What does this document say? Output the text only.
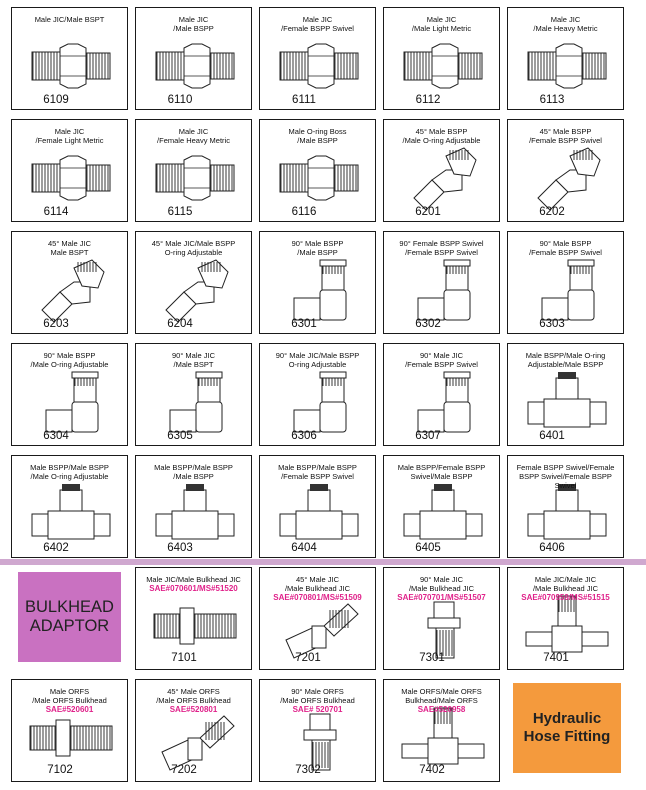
BULKHEAD
ADAPTOR
Hydraulic
Hose Fitting
Male JIC/Male BSPT
6109
Male JIC
/Male BSPP
6110
Male JIC
/Female BSPP Swivel
6111
Male JIC
/Male Light Metric
6112
Male JIC
/Male Heavy Metric
6113
Male JIC
/Female Light Metric
6114
Male JIC
/Female Heavy Metric
6115
Male O-ring Boss
/Male BSPP
6116
45° Male BSPP
/Male O-ring Adjustable
6201
45° Male BSPP
/Female BSPP Swivel
6202
45° Male JIC
Male BSPT
6203
45° Male JIC/Male BSPP
O-ring Adjustable
6204
90° Male BSPP
/Male BSPP
6301
90° Female BSPP Swivel
/Female BSPP Swivel
6302
90° Male BSPP
/Female BSPP Swivel
6303
90° Male BSPP
/Male O-ring Adjustable
6304
90° Male JIC
/Male BSPT
6305
90° Male JIC/Male BSPP
O-ring Adjustable
6306
90° Male JIC
/Female BSPP Swivel
6307
Male BSPP/Male O-ring
Adjustable/Male BSPP
6401
Male BSPP/Male BSPP
/Male O-ring Adjustable
6402
Male BSPP/Male BSPP
/Male BSPP
6403
Male BSPP/Male BSPP
/Female BSPP Swivel
6404
Male BSPP/Female BSPP
Swivel/Male BSPP
6405
Female BSPP Swivel/Female
BSPP Swivel/Female BSPP Swivel
6406
Male JIC/Male Bulkhead JIC
SAE#070601/MS#51520
7101
45° Male JIC
/Male Bulkhead JIC
SAE#070801/MS#51509
7201
90° Male JIC
/Male Bulkhead JIC
SAE#070701/MS#51507
7301
Male JIC/Male JIC
/Male Bulkhead JIC
SAE#070959/MS#51515
7401
Male ORFS
/Male ORFS Bulkhead
SAE#520601
7102
45° Male ORFS
/Male ORFS Bulkhead
SAE#520801
7202
90° Male ORFS
/Male ORFS Bulkhead
SAE# 520701
7302
Male ORFS/Male ORFS
Bulkhead/Male ORFS
SAE#520958
7402
